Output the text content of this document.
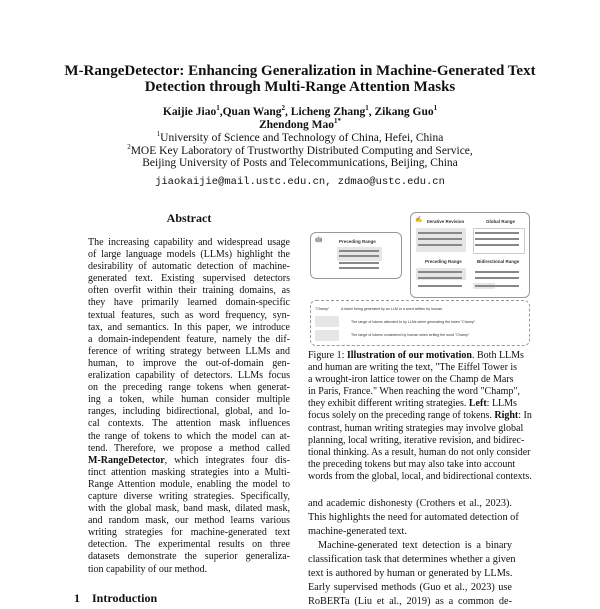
M-RangeDetector: Enhancing Generalization in Machine-Generated Text
Detection through Multi-Range Attention Masks
Kaijie Jiao$^1$,Quan Wang$^2$, Licheng Zhang$^1$, Zikang Guo$^1$
Zhendong Mao$^{1*}$
$^1$University of Science and Technology of China, Hefei, China
$^2$MOE Key Laboratory of Trustworthy Distributed Computing and Service,
Beijing University of Posts and Telecommunications, Beijing, China
jiaokaijie@mail.ustc.edu.cn, zdmao@ustc.edu.cn
Abstract
The increasing capability and widespread usage
of large language models (LLMs) highlight the
desirability of automatic detection of machine-
generated text. Existing supervised detectors
often overfit within their training domains, as
they have primarily learned domain-specific
textual features, such as word frequency, syn-
tax, and semantics. In this paper, we introduce
a domain-independent feature, namely the dif-
ference of writing strategy between LLMs and
human, to improve the out-of-domain gen-
eralization capability of detectors. LLMs focus
on the preceding range tokens when generat-
ing a token, while human consider multiple
ranges, including bidirectional, global, and lo-
cal contexts. The attention mask influences
the range of tokens to which the model can at-
tend. Therefore, we propose a method called
M-RangeDetector, which integrates four dis-
tinct attention masking strategies into a Multi-
Range Attention module, enabling the model to
capture diverse writing strategies. Specifically,
with the global mask, band mask, dilated mask,
and random mask, our method learns various
writing strategies for machine-generated text
detection. The experimental results on three
datasets demonstrate the superior generaliza-
tion capability of our method.
🤖	Preceding Range
✍ Iterative Revision	Global Range
Preceding Range	Bidirectional Range
"Champ"	A token being generated by an LLM or a word written by human.
The range of tokens attended to by LLMs when generating the token "Champ".
The range of tokens considered by human when writing the word "Champ".
Figure 1: Illustration of our motivation. Both LLMs
and human are writing the text, "The Eiffel Tower is
a wrought-iron lattice tower on the Champ de Mars
in Paris, France." When reaching the word "Champ",
they exhibit different writing strategies. Left: LLMs
focus solely on the preceding range of tokens. Right: In
contrast, human writing strategies may involve global
planning, local writing, iterative revision, and bidirec-
tional thinking. As a result, human do not only consider
the preceding tokens but may also take into account
words from the global, local, and bidirectional contexts.
and academic dishonesty (Crothers et al., 2023).
This highlights the need for automated detection of
machine-generated text.
Machine-generated text detection is a binary
classification task that determines whether a given
text is authored by human or generated by LLMs.
Early supervised methods (Guo et al., 2023) use
RoBERTa (Liu et al., 2019) as a common de-
1 Introduction
